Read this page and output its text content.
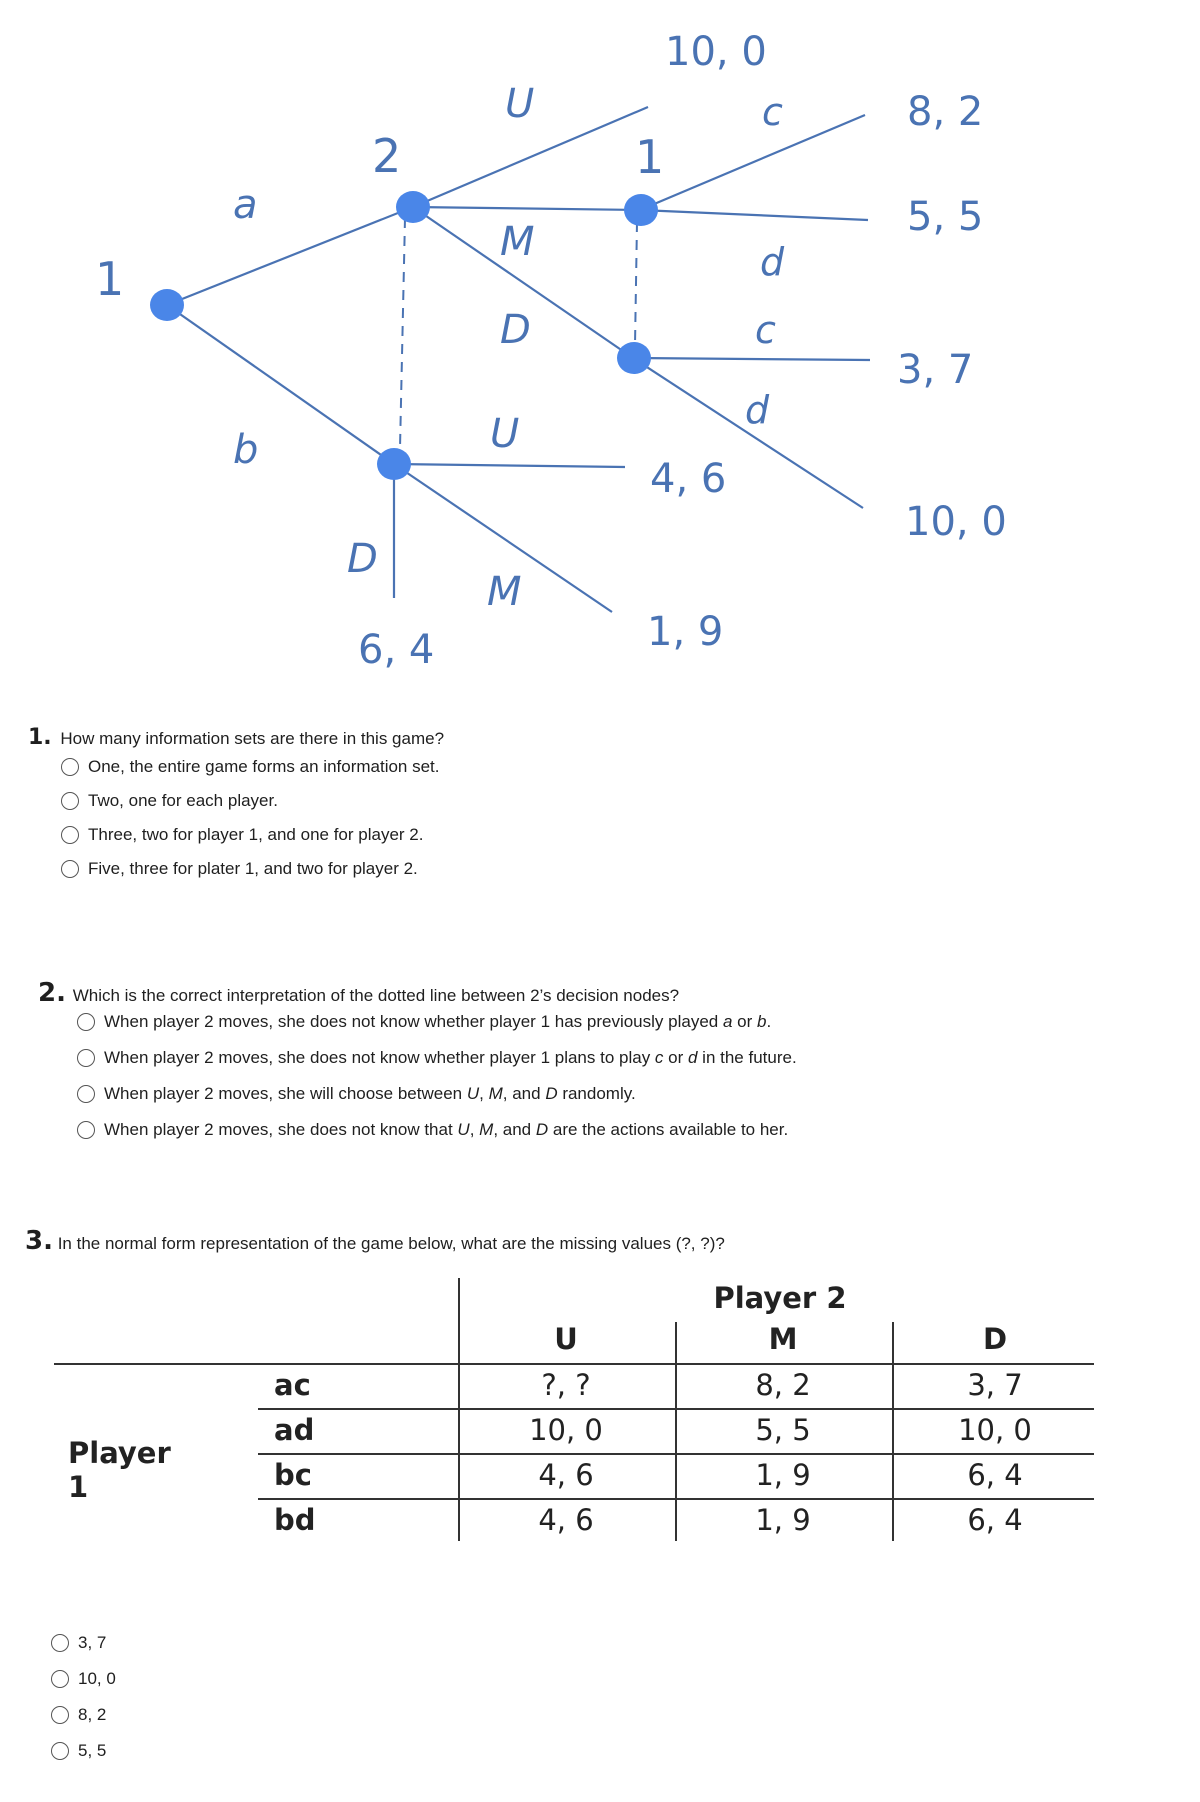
1
2	1
a
b
U
M
D
U
M
D
c
d
c
d
10, 0
8, 2
5, 5
3, 7
10, 0
4, 6
1, 9
6, 4
1. How many information sets are there in this game?
One, the entire game forms an information set.
Two, one for each player.
Three, two for player 1, and one for player 2.
Five, three for plater 1, and two for player 2.
2. Which is the correct interpretation of the dotted line between 2’s decision nodes?
When player 2 moves, she does not know whether player 1 has previously played a or b.
When player 2 moves, she does not know whether player 1 plans to play c or d in the future.
When player 2 moves, she will choose between U, M, and D randomly.
When player 2 moves, she does not know that U, M, and D are the actions available to her.
3. In the normal form representation of the game below, what are the missing values (?, ?)?
Player 2
U	M	D
Player 1
ac	?, ?	8, 2	3, 7
ad	10, 0	5, 5	10, 0
bc	4, 6	1, 9	6, 4
bd	4, 6	1, 9	6, 4
3, 7
10, 0
8, 2
5, 5
